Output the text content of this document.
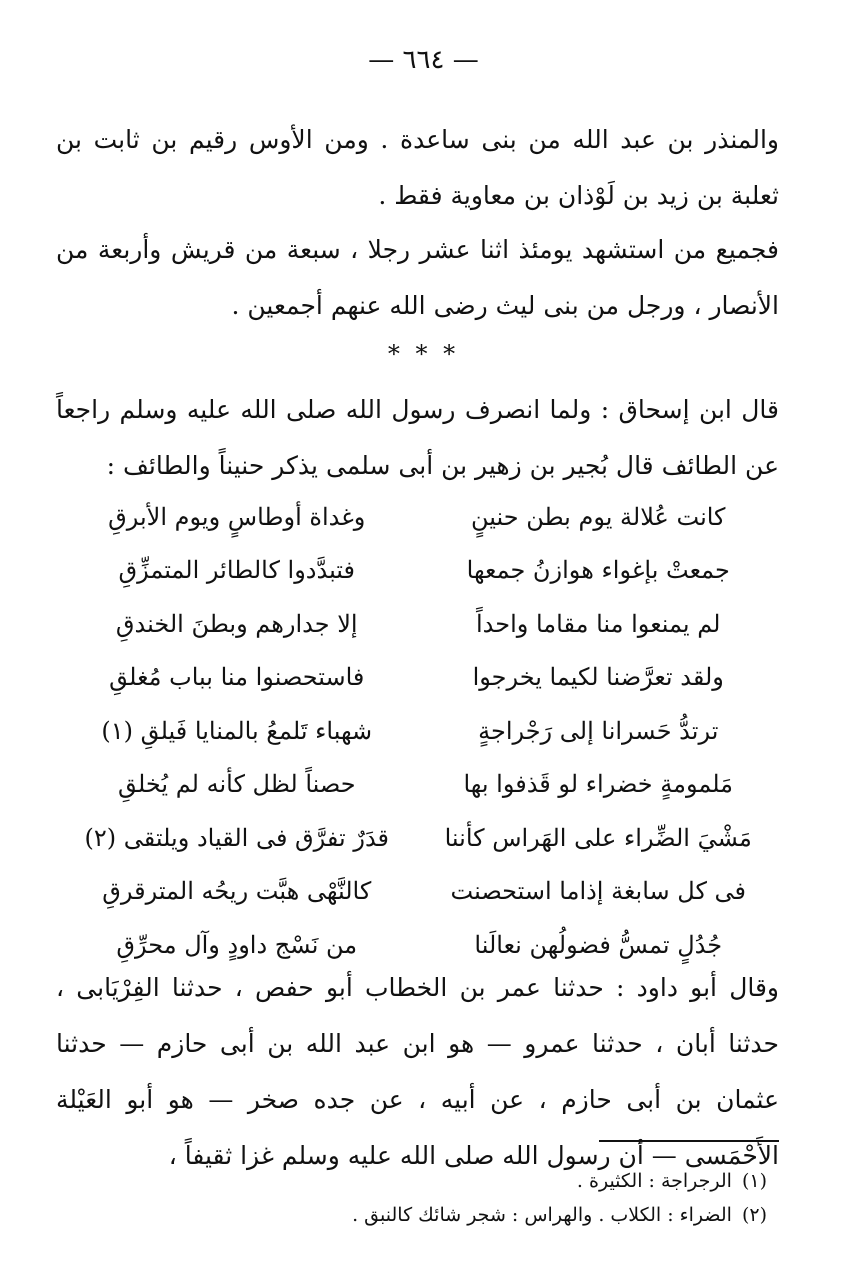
— ٦٦٤ —
والمنذر بن عبد الله من بنى ساعدة . ومن الأوس رقيم بن ثابت بن ثعلبة بن زيد بن لَوْذان بن معاوية فقط .
فجميع من استشهد يومئذ اثنا عشر رجلا ، سبعة من قريش وأربعة من الأنصار ، ورجل من بنى ليث رضى الله عنهم أجمعين .
* * *
قال ابن إسحاق : ولما انصرف رسول الله صلى الله عليه وسلم راجعاً عن الطائف قال بُجير بن زهير بن أبى سلمى يذكر حنيناً والطائف :
كانت عُلالة يوم بطن حنينٍ
وغداة أوطاسٍ ويوم الأبرقِ
جمعتْ بإغواء هوازنُ جمعها
فتبدَّدوا كالطائر المتمزِّقِ
لم يمنعوا منا مقاما واحداً
إلا جدارهم وبطنَ الخندقِ
ولقد تعرَّضنا لكيما يخرجوا
فاستحصنوا منا بباب مُغلقِ
ترتدُّ حَسرانا إلى رَجْراجةٍ
شهباء تَلمعُ بالمنايا فَيلقِ (١)
مَلمومةٍ خضراء لو قَذفوا بها
حصناً لظل كأنه لم يُخلقِ
مَشْيَ الضِّراء على الهَراس كأننا
قدَرٌ تفرَّق فى القياد ويلتقى (٢)
فى كل سابغة إذاما استحصنت
كالنَّهْى هبَّت ريحُه المترقرقِ
جُدُلٍ تمسُّ فضولُهن نعالَنا
من نَسْج داودٍ وآل محرِّقِ
وقال أبو داود : حدثنا عمر بن الخطاب أبو حفص ، حدثنا الفِرْيَابى ، حدثنا أبان ، حدثنا عمرو — هو ابن عبد الله بن أبى حازم — حدثنا عثمان بن أبى حازم ، عن أبيه ، عن جده صخر — هو أبو العَيْلة الأَحْمَسى — أن رسول الله صلى الله عليه وسلم غزا ثقيفاً ،
(١)
الرجراجة : الكثيرة .
(٢)
الضراء : الكلاب . والهراس : شجر شائك كالنبق .
